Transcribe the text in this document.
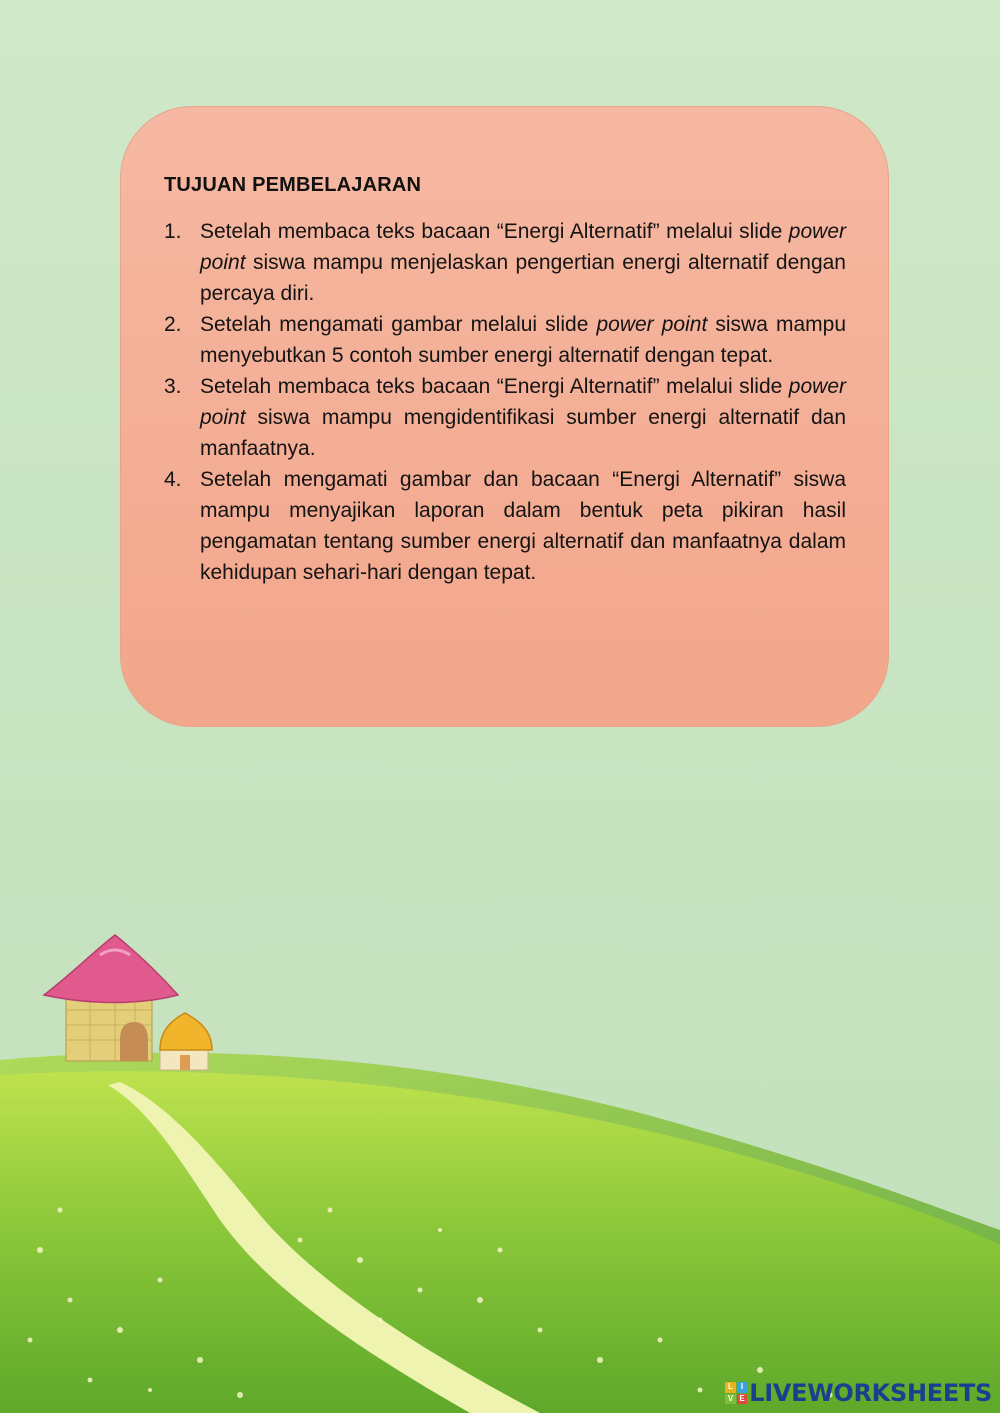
TUJUAN PEMBELAJARAN
1. Setelah membaca teks bacaan “Energi Alternatif” melalui slide power point siswa mampu menjelaskan pengertian energi alternatif dengan percaya diri.
2. Setelah mengamati gambar melalui slide power point siswa mampu menyebutkan 5 contoh sumber energi alternatif dengan tepat.
3. Setelah membaca teks bacaan “Energi Alternatif” melalui slide power point siswa mampu mengidentifikasi sumber energi alternatif dan manfaatnya.
4. Setelah mengamati gambar dan bacaan “Energi Alternatif” siswa mampu menyajikan laporan dalam bentuk peta pikiran hasil pengamatan tentang sumber energi alternatif dan manfaatnya dalam kehidupan sehari-hari dengan tepat.
L I
V E LIVEWORKSHEETS
